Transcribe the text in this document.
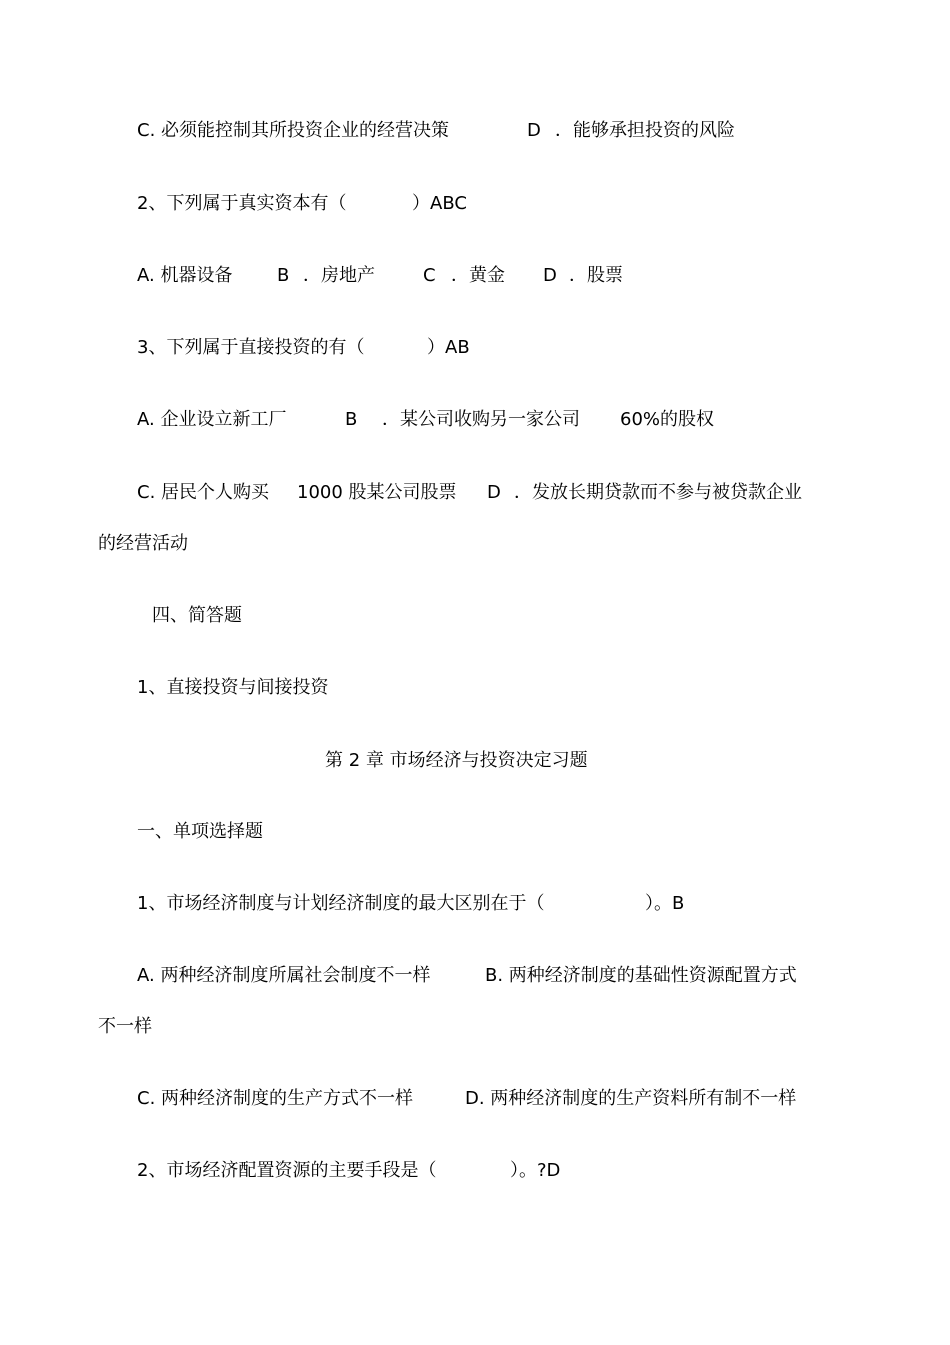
C. 必须能控制其所投资企业的经营决策	D ．能够承担投资的风险
2、下列属于真实资本有（	）ABC
A. 机器设备 B ．房地产	C ．黄金 D ．股票
3、下列属于直接投资的有（	）AB
A. 企业设立新工厂	B ．某公司收购另一家公司 60%的股权
C. 居民个人购买 1000 股某公司股票 D ．发放长期贷款而不参与被贷款企业
的经营活动
四、简答题
1、直接投资与间接投资
第 2 章 市场经济与投资决定习题
一、单项选择题
1、市场经济制度与计划经济制度的最大区别在于（	）。B
A. 两种经济制度所属社会制度不一样	B. 两种经济制度的基础性资源配置方式
不一样
C. 两种经济制度的生产方式不一样	D. 两种经济制度的生产资料所有制不一样
2、市场经济配置资源的主要手段是（	）。?D
